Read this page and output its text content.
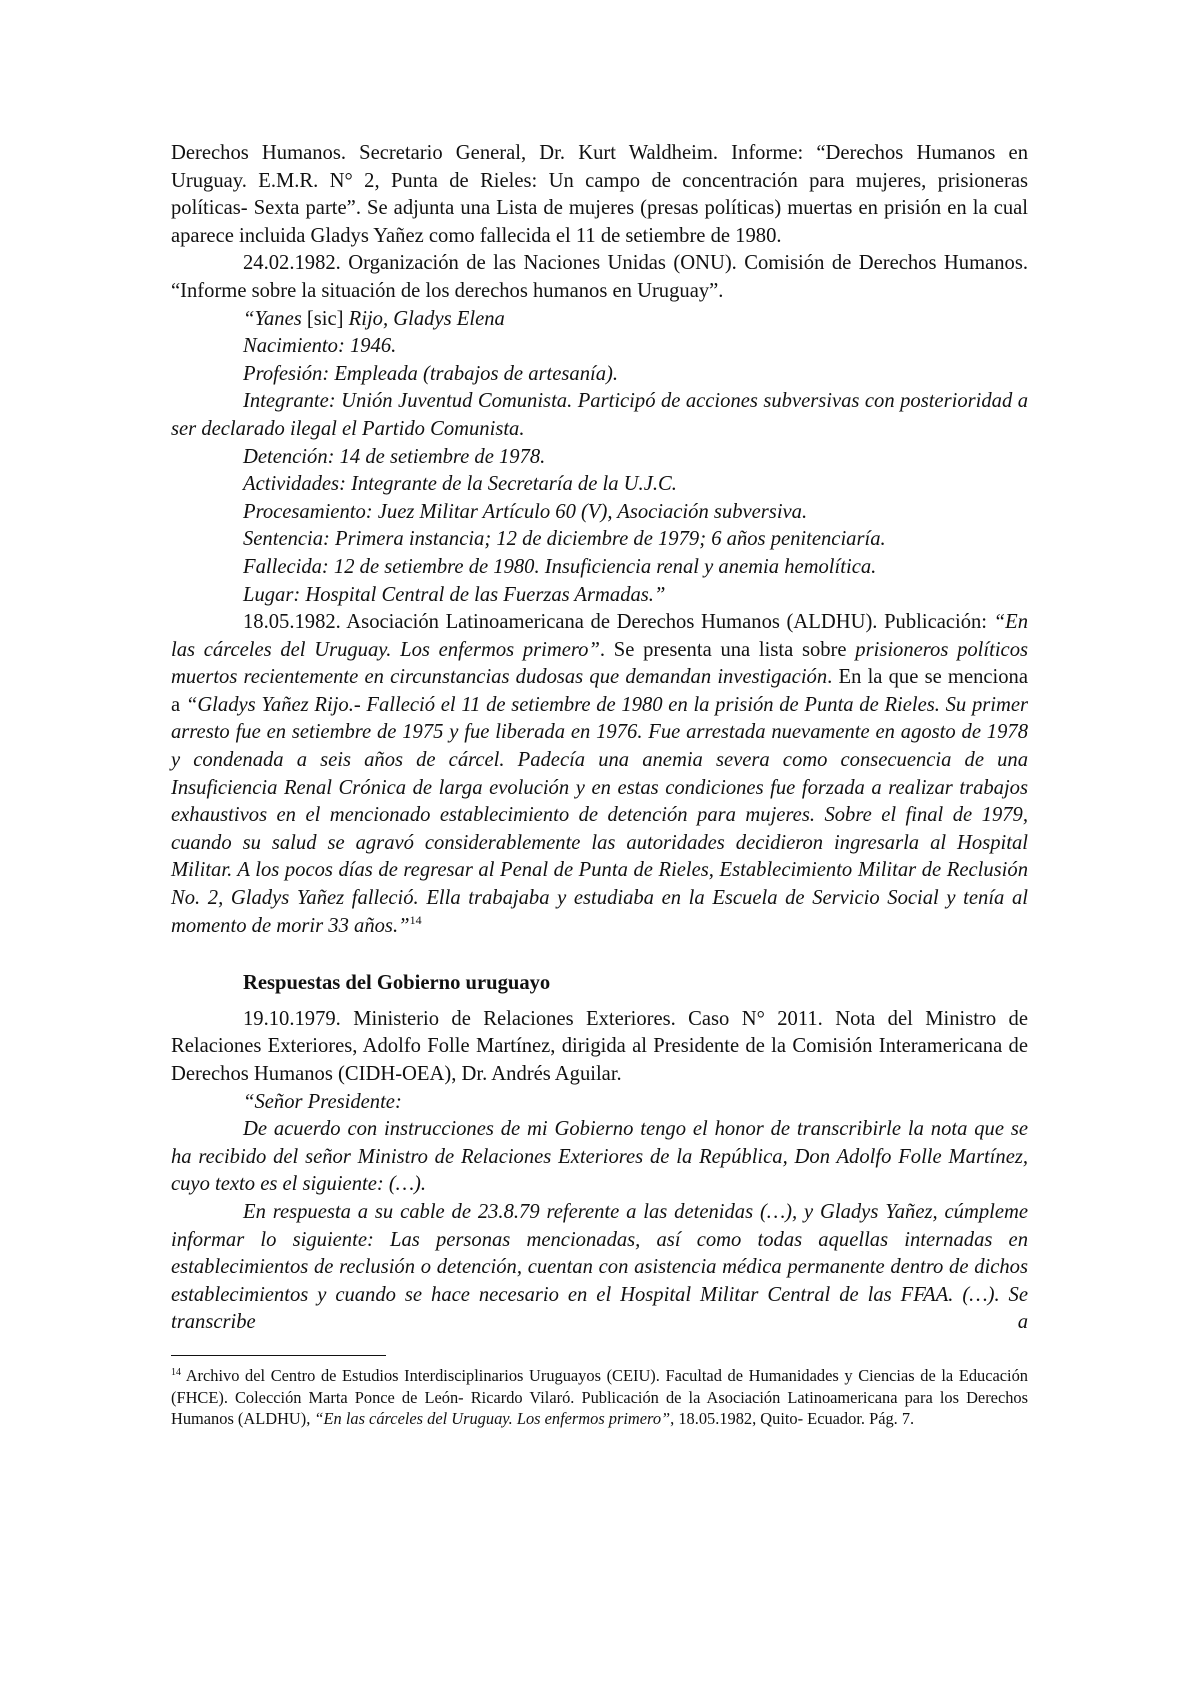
Derechos Humanos. Secretario General, Dr. Kurt Waldheim. Informe: “Derechos Humanos en Uruguay. E.M.R. N° 2, Punta de Rieles: Un campo de concentración para mujeres, prisioneras políticas- Sexta parte”. Se adjunta una Lista de mujeres (presas políticas) muertas en prisión en la cual aparece incluida Gladys Yañez como fallecida el 11 de setiembre de 1980.

24.02.1982. Organización de las Naciones Unidas (ONU). Comisión de Derechos Humanos. “Informe sobre la situación de los derechos humanos en Uruguay”.

“Yanes [sic] Rijo, Gladys Elena

Nacimiento: 1946.

Profesión: Empleada (trabajos de artesanía).

Integrante: Unión Juventud Comunista. Participó de acciones subversivas con posterioridad a ser declarado ilegal el Partido Comunista.

Detención: 14 de setiembre de 1978.

Actividades: Integrante de la Secretaría de la U.J.C.

Procesamiento: Juez Militar Artículo 60 (V), Asociación subversiva.

Sentencia: Primera instancia; 12 de diciembre de 1979; 6 años penitenciaría.

Fallecida: 12 de setiembre de 1980. Insuficiencia renal y anemia hemolítica.

Lugar: Hospital Central de las Fuerzas Armadas.”

18.05.1982. Asociación Latinoamericana de Derechos Humanos (ALDHU). Publicación: “En las cárceles del Uruguay. Los enfermos primero”. Se presenta una lista sobre prisioneros políticos muertos recientemente en circunstancias dudosas que demandan investigación. En la que se menciona a “Gladys Yañez Rijo.- Falleció el 11 de setiembre de 1980 en la prisión de Punta de Rieles. Su primer arresto fue en setiembre de 1975 y fue liberada en 1976. Fue arrestada nuevamente en agosto de 1978 y condenada a seis años de cárcel. Padecía una anemia severa como consecuencia de una Insuficiencia Renal Crónica de larga evolución y en estas condiciones fue forzada a realizar trabajos exhaustivos en el mencionado establecimiento de detención para mujeres. Sobre el final de 1979, cuando su salud se agravó considerablemente las autoridades decidieron ingresarla al Hospital Militar. A los pocos días de regresar al Penal de Punta de Rieles, Establecimiento Militar de Reclusión No. 2, Gladys Yañez falleció. Ella trabajaba y estudiaba en la Escuela de Servicio Social y tenía al momento de morir 33 años.”$^{14}$

Respuestas del Gobierno uruguayo

19.10.1979. Ministerio de Relaciones Exteriores. Caso N° 2011. Nota del Ministro de Relaciones Exteriores, Adolfo Folle Martínez, dirigida al Presidente de la Comisión Interamericana de Derechos Humanos (CIDH-OEA), Dr. Andrés Aguilar.

“Señor Presidente:

De acuerdo con instrucciones de mi Gobierno tengo el honor de transcribirle la nota que se ha recibido del señor Ministro de Relaciones Exteriores de la República, Don Adolfo Folle Martínez, cuyo texto es el siguiente: (…).

En respuesta a su cable de 23.8.79 referente a las detenidas (…), y Gladys Yañez, cúmpleme informar lo siguiente: Las personas mencionadas, así como todas aquellas internadas en establecimientos de reclusión o detención, cuentan con asistencia médica permanente dentro de dichos establecimientos y cuando se hace necesario en el Hospital Militar Central de las FFAA. (…). Se transcribe a

$^{14}$ Archivo del Centro de Estudios Interdisciplinarios Uruguayos (CEIU). Facultad de Humanidades y Ciencias de la Educación (FHCE). Colección Marta Ponce de León- Ricardo Vilaró. Publicación de la Asociación Latinoamericana para los Derechos Humanos (ALDHU), “En las cárceles del Uruguay. Los enfermos primero”, 18.05.1982, Quito- Ecuador. Pág. 7.
